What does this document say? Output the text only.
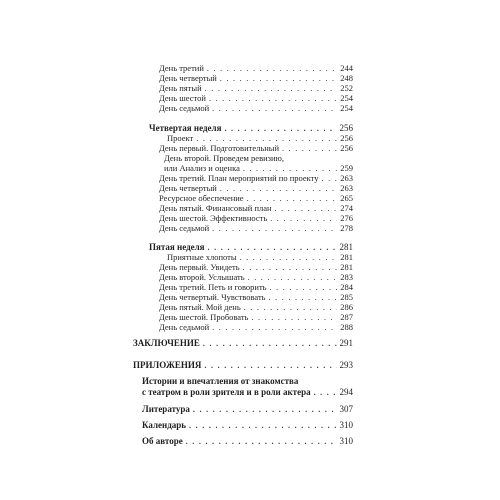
День третий . . .	244
День четвертый . . .	248
День пятый . . .	252
День шестой . . .	254
День седьмой . . .	254
Четвертая неделя . . .	256
Проект . . .	256
День первый. Подготовительный . . .	256
День второй. Проведем ревизию,
или Анализ и оценка . . .	259
День третий. План мероприятий по проекту . . .	263
День четвертый . . .	263
Ресурсное обеспечение . . .	265
День пятый. Финансовый план . . .	274
День шестой. Эффективность . . .	276
День седьмой . . .	278
Пятая неделя . . .	281
Приятные хлопоты . . .	281
День первый. Увидеть . . .	281
День второй. Услышать . . .	283
День третий. Петь и говорить . . .	284
День четвертый. Чувствовать . . .	285
День пятый. Мой день . . .	286
День шестой. Пробовать . . .	287
День седьмой . . .	288
ЗАКЛЮЧЕНИЕ . . .	291
ПРИЛОЖЕНИЯ . . .	293
Истории и впечатления от знакомства
с театром в роли зрителя и в роли актера . . .	294
Литература . . .	307
Календарь . . .	310
Об авторе . . .	310
